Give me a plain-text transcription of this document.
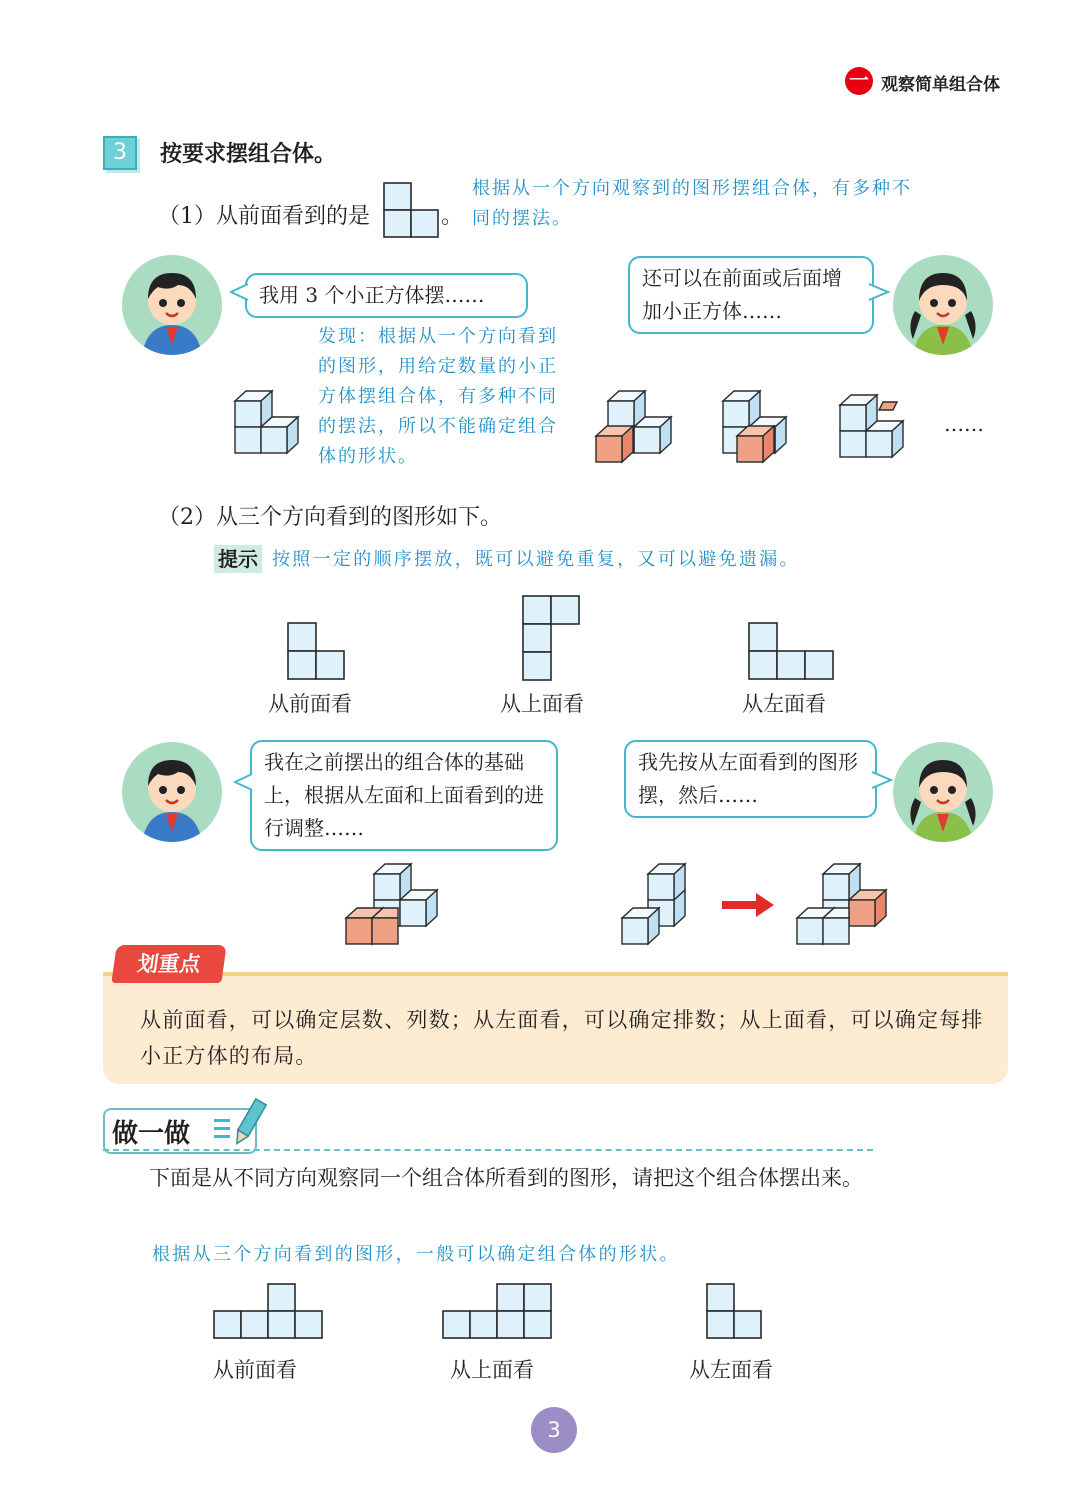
一 观察简单组合体
3	按要求摆组合体。
（1）从前面看到的是	。
根据从一个方向观察到的图形摆组合体，有多种不同的摆法。
我用 3 个小正方体摆……
还可以在前面或后面增加小正方体……
发现：根据从一个方向看到的图形，用给定数量的小正方体摆组合体，有多种不同的摆法，所以不能确定组合体的形状。
……
（2）从三个方向看到的图形如下。
提示 按照一定的顺序摆放，既可以避免重复，又可以避免遗漏。
从前面看	从上面看	从左面看
我在之前摆出的组合体的基础上，根据从左面和上面看到的进行调整……
我先按从左面看到的图形摆，然后……
划重点
从前面看，可以确定层数、列数；从左面看，可以确定排数；从上面看，可以确定每排小正方体的布局。
做一做
下面是从不同方向观察同一个组合体所看到的图形，请把这个组合体摆出来。
根据从三个方向看到的图形，一般可以确定组合体的形状。
从前面看	从上面看	从左面看
3
